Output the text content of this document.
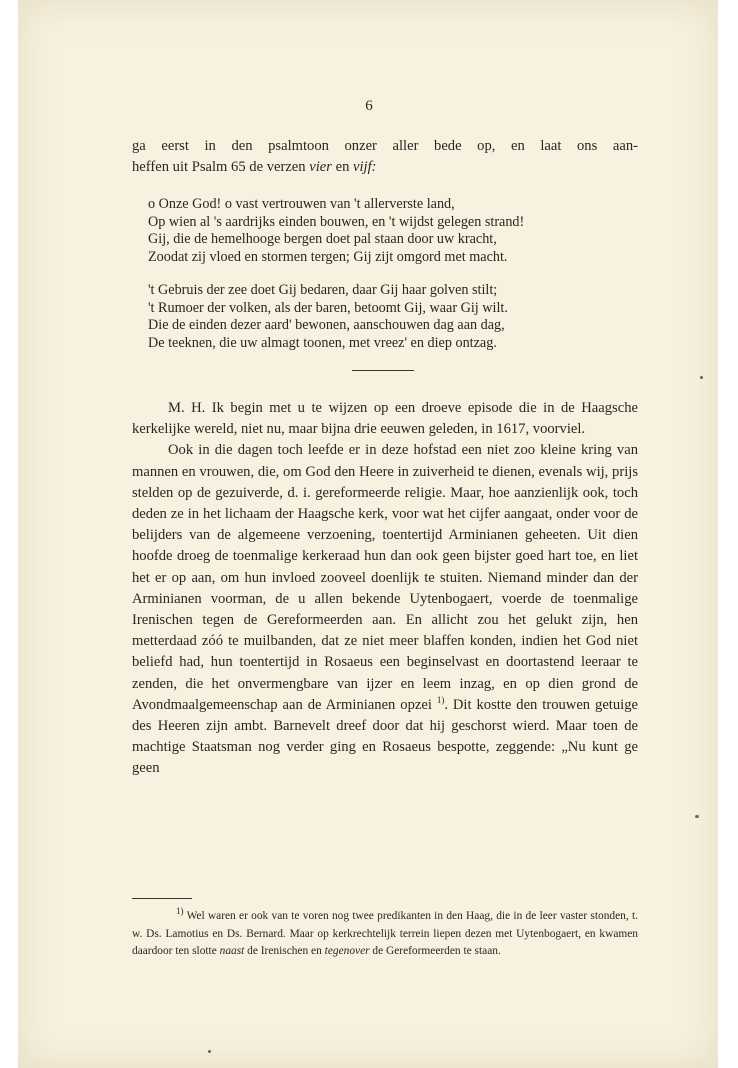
6

ga eerst in den psalmtoon onzer aller bede op, en laat ons aan-

heffen uit Psalm 65 de verzen vier en vijf:

o Onze God! o vast vertrouwen van 't allerverste land,
Op wien al 's aardrijks einden bouwen, en 't wijdst gelegen strand!
Gij, die de hemelhooge bergen doet pal staan door uw kracht,
Zoodat zij vloed en stormen tergen; Gij zijt omgord met macht.
't Gebruis der zee doet Gij bedaren, daar Gij haar golven stilt;
't Rumoer der volken, als der baren, betoomt Gij, waar Gij wilt.
Die de einden dezer aard' bewonen, aanschouwen dag aan dag,
De teeknen, die uw almagt toonen, met vreez' en diep ontzag.

M. H. Ik begin met u te wijzen op een droeve episode die in de Haagsche kerkelijke wereld, niet nu, maar bijna drie eeuwen geleden, in 1617, voorviel.

Ook in die dagen toch leefde er in deze hofstad een niet zoo kleine kring van mannen en vrouwen, die, om God den Heere in zuiverheid te dienen, evenals wij, prijs stelden op de gezuiverde, d. i. gereformeerde religie. Maar, hoe aanzienlijk ook, toch deden ze in het lichaam der Haagsche kerk, voor wat het cijfer aangaat, onder voor de belijders van de algemeene verzoening, toentertijd Arminianen geheeten. Uit dien hoofde droeg de toenmalige kerkeraad hun dan ook geen bijster goed hart toe, en liet het er op aan, om hun invloed zooveel doenlijk te stuiten. Niemand minder dan der Arminianen voorman, de u allen bekende Uytenbogaert, voerde de toenmalige Irenischen tegen de Gereformeerden aan. En allicht zou het gelukt zijn, hen metterdaad zóó te muilbanden, dat ze niet meer blaffen konden, indien het God niet beliefd had, hun toentertijd in Rosaeus een beginselvast en doortastend leeraar te zenden, die het onvermengbare van ijzer en leem inzag, en op dien grond de Avondmaalgemeenschap aan de Arminianen opzei $^{1)}$. Dit kostte den trouwen getuige des Heeren zijn ambt. Barnevelt dreef door dat hij geschorst wierd. Maar toen de machtige Staatsman nog verder ging en Rosaeus bespotte, zeggende: „Nu kunt ge geen

$^{1)}$ Wel waren er ook van te voren nog twee predikanten in den Haag, die in de leer vaster stonden, t. w. Ds. Lamotius en Ds. Bernard. Maar op kerkrechtelijk terrein liepen dezen met Uytenbogaert, en kwamen daardoor ten slotte naast de Irenischen en tegenover de Gereformeerden te staan.
